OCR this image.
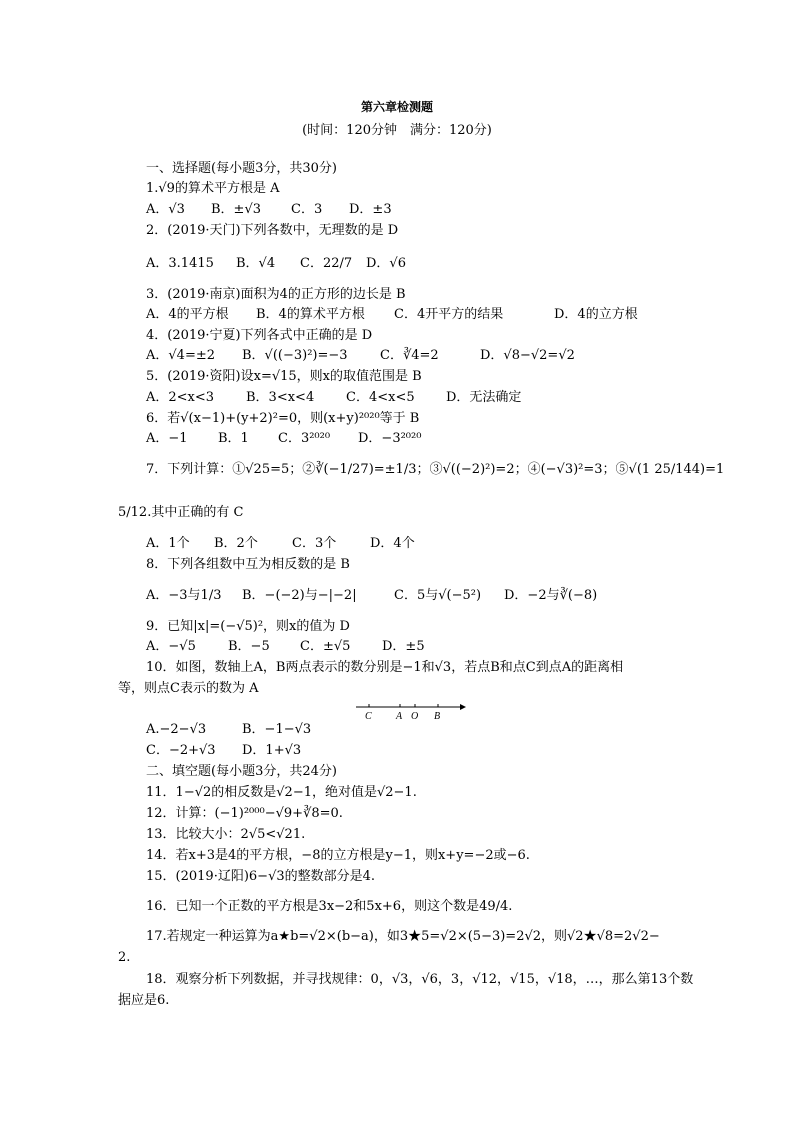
第六章检测题
(时间：120分钟　满分：120分)
一、选择题(每小题3分，共30分)
1.√9的算术平方根是 A
A．√3 B．±√3 C．3 D．±3
2．(2019·天门)下列各数中，无理数的是 D
A．3.1415 B．√4 C．22/7 D．√6
3．(2019·南京)面积为4的正方形的边长是 B
A．4的平方根 B．4的算术平方根 C．4开平方的结果	D．4的立方根
4．(2019·宁夏)下列各式中正确的是 D
A．√4=±2 B．√((−3)²)=−3 C．∛4=2	D．√8−√2=√2
5．(2019·资阳)设x=√15，则x的取值范围是 B
A．2<x<3 B．3<x<4 C．4<x<5 D．无法确定
6．若√(x−1)+(y+2)²=0，则(x+y)²⁰²⁰等于 B
A．−1 B．1 C．3²⁰²⁰ D．−3²⁰²⁰
7．下列计算：①√25=5；②∛(−1/27)=±1/3；③√((−2)²)=2；④(−√3)²=3；⑤√(1 25/144)=1
5/12.其中正确的有 C
A．1个 B．2个	C．3个	D．4个
8．下列各组数中互为相反数的是 B
A．−3与1/3 B．−(−2)与−|−2|	C．5与√(−5²) D．−2与∛(−8)
9．已知|x|=(−√5)²，则x的值为 D
A．−√5 B．−5 C．±√5 D．±5
10．如图，数轴上A，B两点表示的数分别是−1和√3，若点B和点C到点A的距离相
等，则点C表示的数为 A
C A O B
A.−2−√3	B．−1−√3
C．−2+√3 D．1+√3
二、填空题(每小题3分，共24分)
11．1−√2的相反数是√2−1，绝对值是√2−1.
12．计算：(−1)²⁰⁰⁰−√9+∛8=0.
13．比较大小：2√5<√21.
14．若x+3是4的平方根，−8的立方根是y−1，则x+y=−2或−6.
15．(2019·辽阳)6−√3的整数部分是4.
16．已知一个正数的平方根是3x−2和5x+6，则这个数是49/4.
17.若规定一种运算为a★b=√2×(b−a)，如3★5=√2×(5−3)=2√2，则√2★√8=2√2−
2.
18．观察分析下列数据，并寻找规律：0，√3，√6，3，√12，√15，√18，…，那么第13个数
据应是6.
